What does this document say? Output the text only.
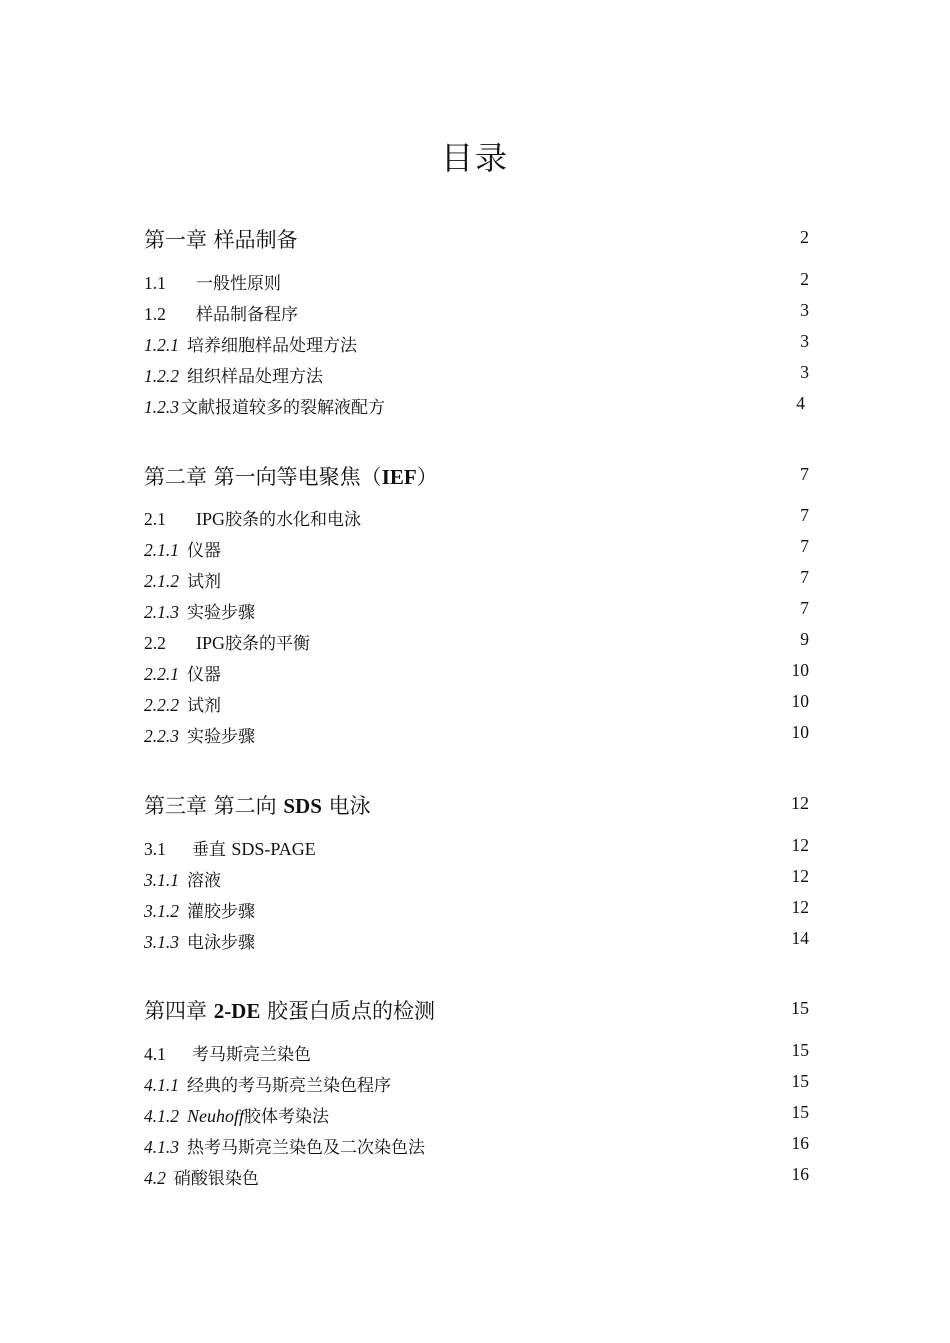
目录
第一章 样品制备	2
1.1 一般性原则	2
1.2 样品制备程序	3
1.2.1 培养细胞样品处理方法	3
1.2.2 组织样品处理方法	3
1.2.3 文献报道较多的裂解液配方	4
第二章 第一向等电聚焦（IEF）	7
2.1 IPG胶条的水化和电泳	7
2.1.1 仪器	7
2.1.2 试剂	7
2.1.3 实验步骤	7
2.2 IPG胶条的平衡	9
2.2.1 仪器	10
2.2.2 试剂	10
2.2.3 实验步骤	10
第三章 第二向 SDS 电泳	12
3.1 垂直 SDS-PAGE	12
3.1.1 溶液	12
3.1.2 灌胶步骤	12
3.1.3 电泳步骤	14
第四章 2-DE 胶蛋白质点的检测	15
4.1 考马斯亮兰染色	15
4.1.1 经典的考马斯亮兰染色程序	15
4.1.2 Neuhoff胶体考染法	15
4.1.3 热考马斯亮兰染色及二次染色法	16
4.2 硝酸银染色	16
